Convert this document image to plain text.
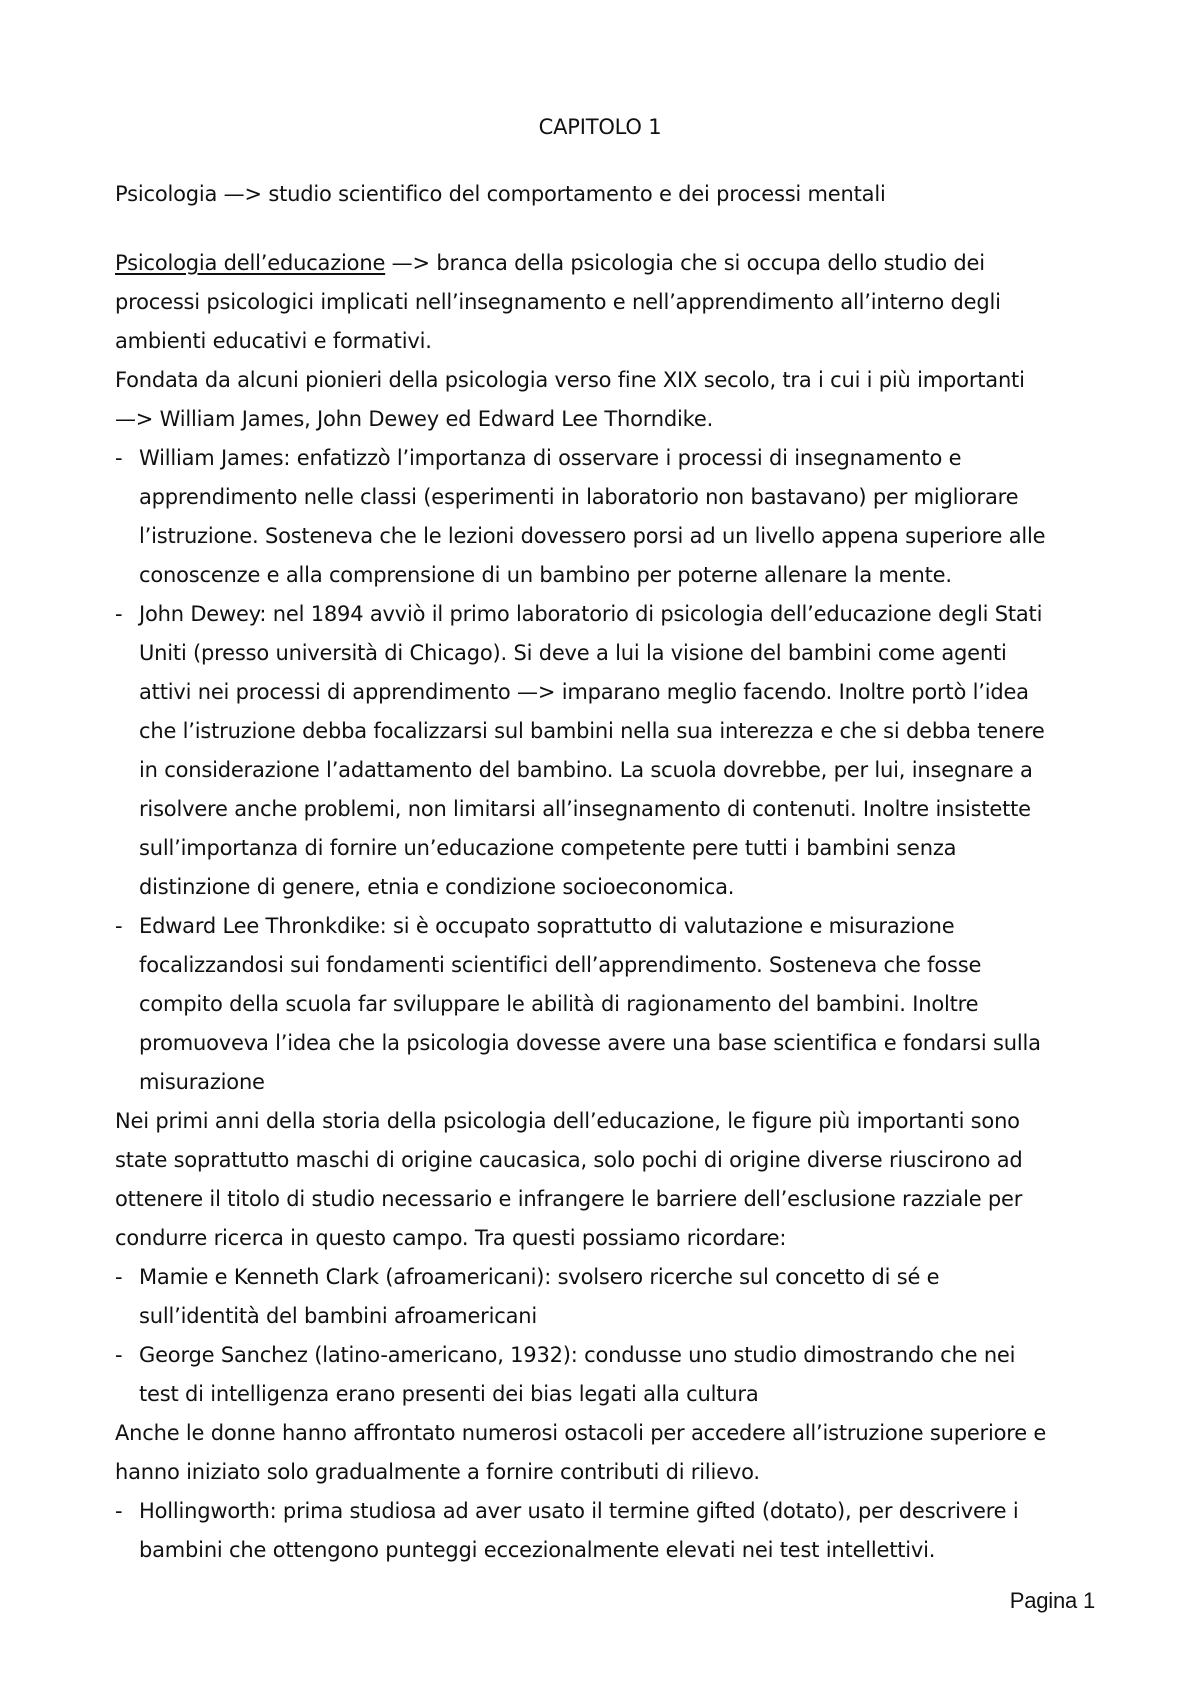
CAPITOLO 1
Psicologia —> studio scientifico del comportamento e dei processi mentali
Psicologia dell’educazione —> branca della psicologia che si occupa dello studio dei
processi psicologici implicati nell’insegnamento e nell’apprendimento all’interno degli
ambienti educativi e formativi.
Fondata da alcuni pionieri della psicologia verso fine XIX secolo, tra i cui i più importanti
—> William James, John Dewey ed Edward Lee Thorndike.
- William James: enfatizzò l’importanza di osservare i processi di insegnamento e
apprendimento nelle classi (esperimenti in laboratorio non bastavano) per migliorare
l’istruzione. Sosteneva che le lezioni dovessero porsi ad un livello appena superiore alle
conoscenze e alla comprensione di un bambino per poterne allenare la mente.
- John Dewey: nel 1894 avviò il primo laboratorio di psicologia dell’educazione degli Stati
Uniti (presso università di Chicago). Si deve a lui la visione del bambini come agenti
attivi nei processi di apprendimento —> imparano meglio facendo. Inoltre portò l’idea
che l’istruzione debba focalizzarsi sul bambini nella sua interezza e che si debba tenere
in considerazione l’adattamento del bambino. La scuola dovrebbe, per lui, insegnare a
risolvere anche problemi, non limitarsi all’insegnamento di contenuti. Inoltre insistette
sull’importanza di fornire un’educazione competente pere tutti i bambini senza
distinzione di genere, etnia e condizione socioeconomica.
- Edward Lee Thronkdike: si è occupato soprattutto di valutazione e misurazione
focalizzandosi sui fondamenti scientifici dell’apprendimento. Sosteneva che fosse
compito della scuola far sviluppare le abilità di ragionamento del bambini. Inoltre
promuoveva l’idea che la psicologia dovesse avere una base scientifica e fondarsi sulla
misurazione
Nei primi anni della storia della psicologia dell’educazione, le figure più importanti sono
state soprattutto maschi di origine caucasica, solo pochi di origine diverse riuscirono ad
ottenere il titolo di studio necessario e infrangere le barriere dell’esclusione razziale per
condurre ricerca in questo campo. Tra questi possiamo ricordare:
- Mamie e Kenneth Clark (afroamericani): svolsero ricerche sul concetto di sé e
sull’identità del bambini afroamericani
- George Sanchez (latino-americano, 1932): condusse uno studio dimostrando che nei
test di intelligenza erano presenti dei bias legati alla cultura
Anche le donne hanno affrontato numerosi ostacoli per accedere all’istruzione superiore e
hanno iniziato solo gradualmente a fornire contributi di rilievo.
- Hollingworth: prima studiosa ad aver usato il termine gifted (dotato), per descrivere i
bambini che ottengono punteggi eccezionalmente elevati nei test intellettivi.
Pagina 1
